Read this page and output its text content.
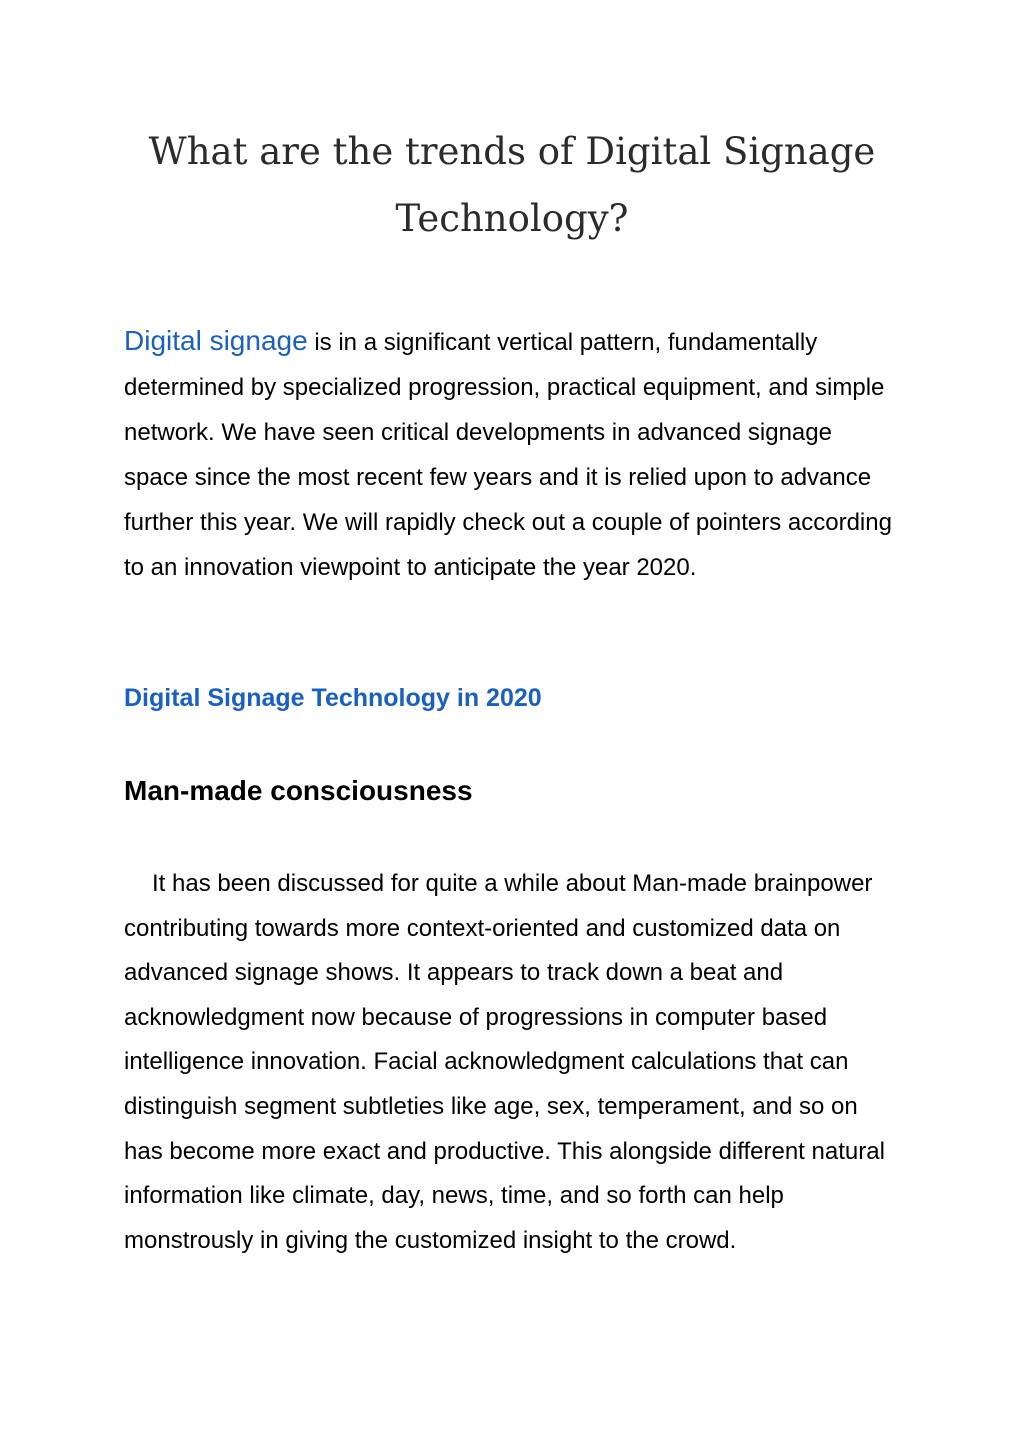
What are the trends of Digital Signage Technology?

Digital signage is in a significant vertical pattern, fundamentally determined by specialized progression, practical equipment, and simple network. We have seen critical developments in advanced signage space since the most recent few years and it is relied upon to advance further this year. We will rapidly check out a couple of pointers according to an innovation viewpoint to anticipate the year 2020.

Digital Signage Technology in 2020
Man-made consciousness

It has been discussed for quite a while about Man-made brainpower contributing towards more context-oriented and customized data on advanced signage shows. It appears to track down a beat and acknowledgment now because of progressions in computer based intelligence innovation. Facial acknowledgment calculations that can distinguish segment subtleties like age, sex, temperament, and so on has become more exact and productive. This alongside different natural information like climate, day, news, time, and so forth can help monstrously in giving the customized insight to the crowd.
